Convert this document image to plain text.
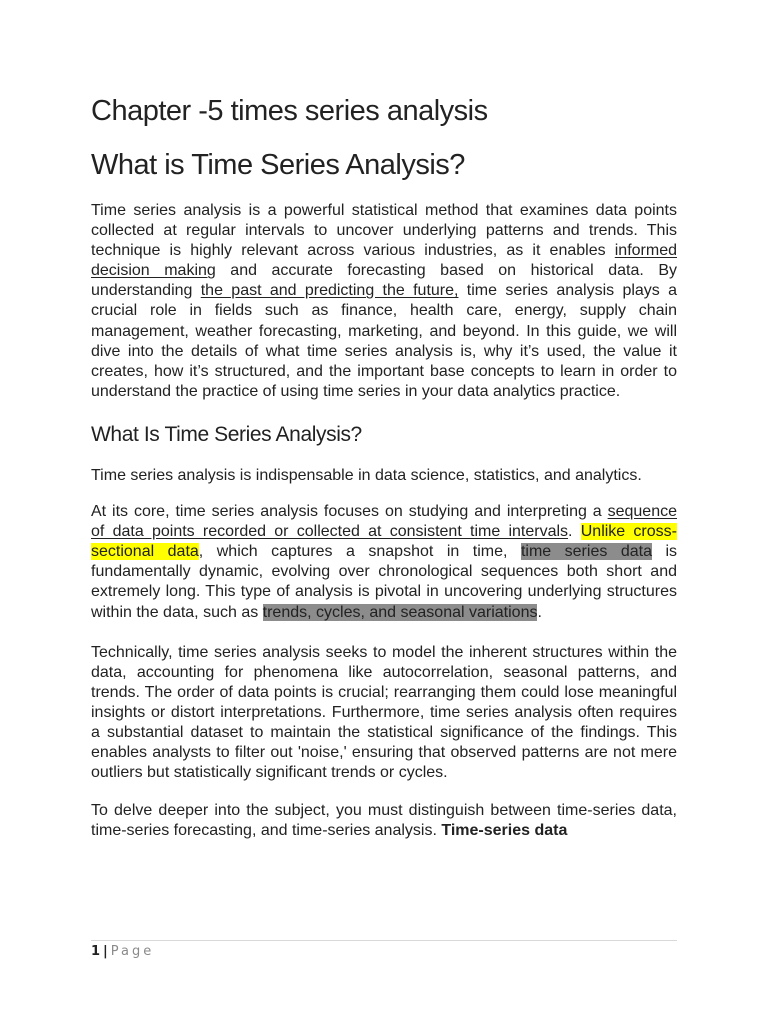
Chapter -5 times series analysis
What is Time Series Analysis?

Time series analysis is a powerful statistical method that examines data points collected at regular intervals to uncover underlying patterns and trends. This technique is highly relevant across various industries, as it enables informed decision making and accurate forecasting based on historical data. By understanding the past and predicting the future, time series analysis plays a crucial role in fields such as finance, health care, energy, supply chain management, weather forecasting, marketing, and beyond. In this guide, we will dive into the details of what time series analysis is, why it’s used, the value it creates, how it’s structured, and the important base concepts to learn in order to understand the practice of using time series in your data analytics practice.

What Is Time Series Analysis?

Time series analysis is indispensable in data science, statistics, and analytics.

At its core, time series analysis focuses on studying and interpreting a sequence of data points recorded or collected at consistent time intervals. Unlike cross-sectional data, which captures a snapshot in time, time series data is fundamentally dynamic, evolving over chronological sequences both short and extremely long. This type of analysis is pivotal in uncovering underlying structures within the data, such as trends, cycles, and seasonal variations.

Technically, time series analysis seeks to model the inherent structures within the data, accounting for phenomena like autocorrelation, seasonal patterns, and trends. The order of data points is crucial; rearranging them could lose meaningful insights or distort interpretations. Furthermore, time series analysis often requires a substantial dataset to maintain the statistical significance of the findings. This enables analysts to filter out 'noise,' ensuring that observed patterns are not mere outliers but statistically significant trends or cycles.

To delve deeper into the subject, you must distinguish between time-series data, time-series forecasting, and time-series analysis. Time-series data

1 | Page
